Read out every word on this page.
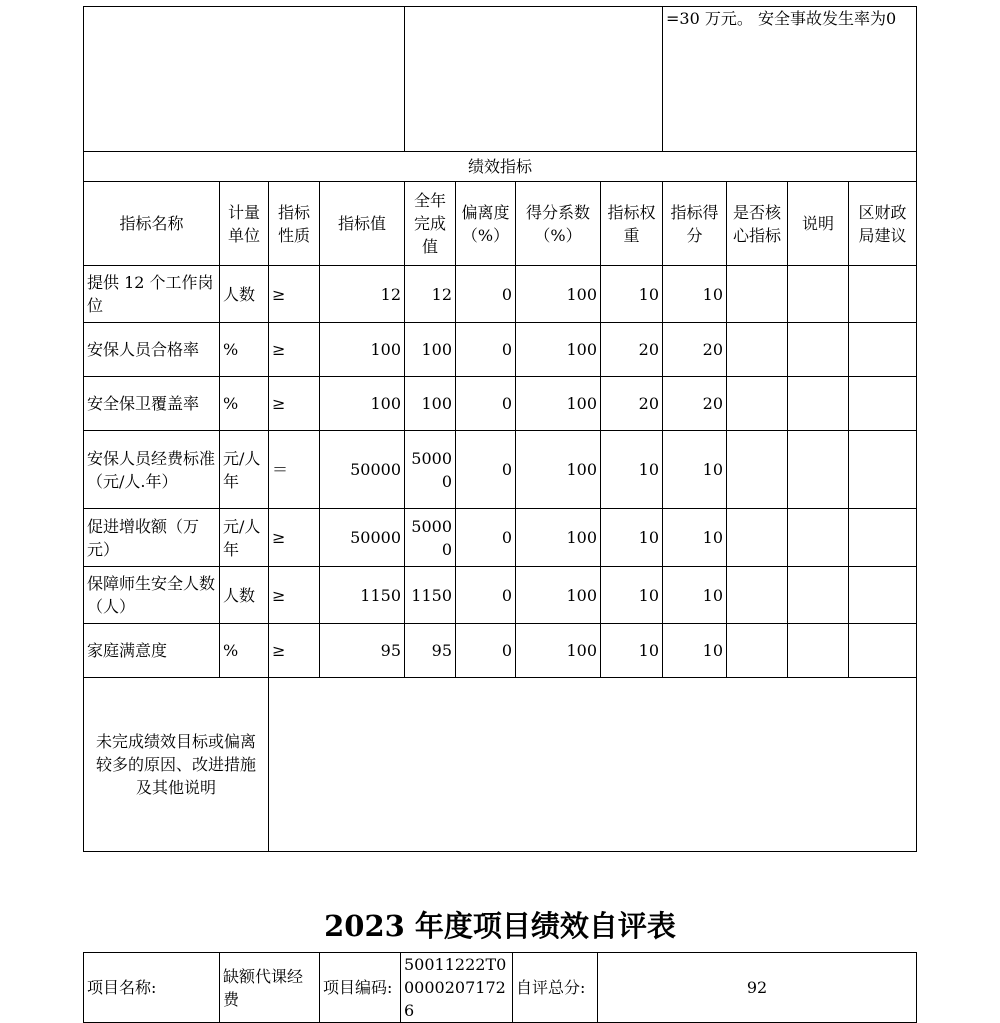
								=30 万元。 安全事故发生率为0			
绩效指标											
指标名称	计量单位	指标性质	指标值	全年完成值	偏离度（%）	得分系数（%）	指标权重	指标得分	是否核心指标	说明	区财政局建议
提供 12 个工作岗位	人数	≥	12	12	0	100	10	10			
安保人员合格率	%	≥	100	100	0	100	20	20			
安全保卫覆盖率	%	≥	100	100	0	100	20	20			
安保人员经费标准（元/人.年）	元/人年	＝	50000	50000	0	100	10	10			
促进增收额（万元）	元/人年	≥	50000	50000	0	100	10	10			
保障师生安全人数（人）	人数	≥	1150	1150	0	100	10	10			
家庭满意度	%	≥	95	95	0	100	10	10			
未完成绩效目标或偏离较多的原因、改进措施及其他说明											
2023 年度项目绩效自评表
项目名称:	缺额代课经费	项目编码:	50011222T000002071726	自评总分:	92
